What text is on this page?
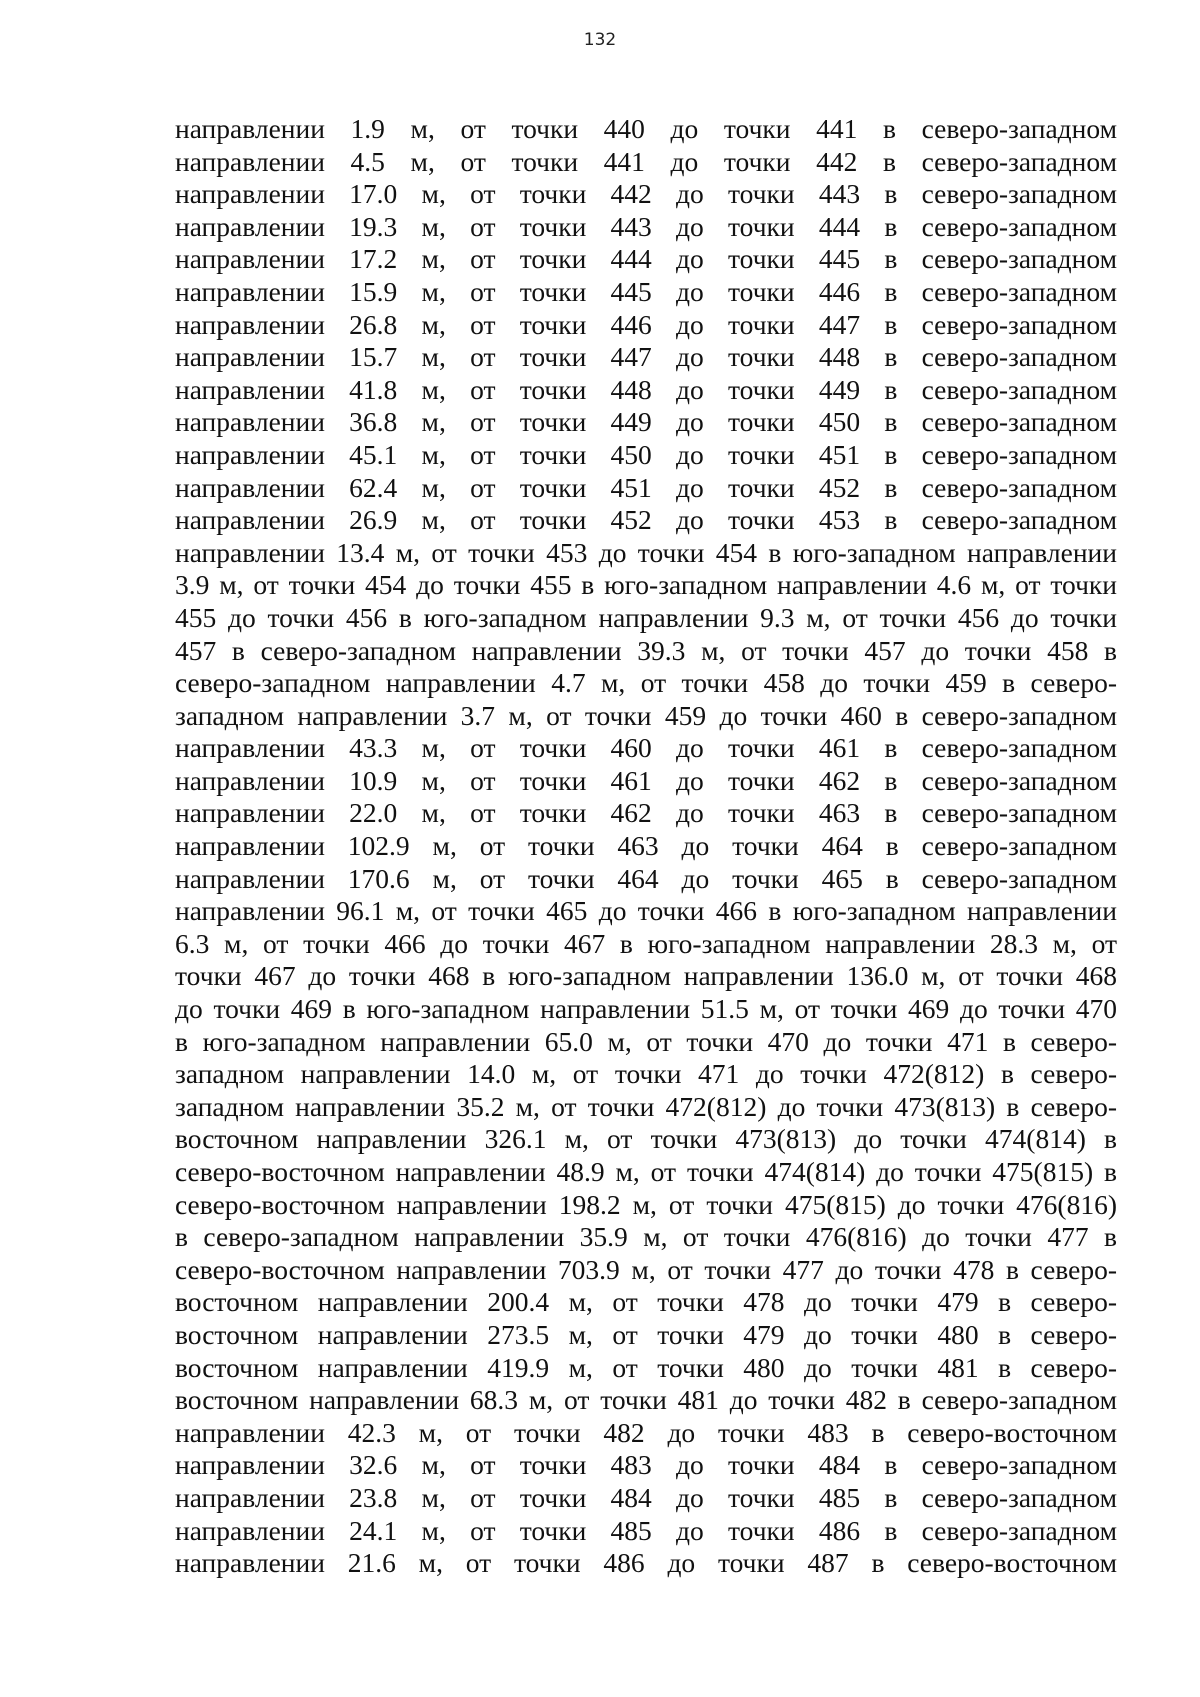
132
направлении 1.9 м, от точки 440 до точки 441 в северо-западном
направлении 4.5 м, от точки 441 до точки 442 в северо-западном
направлении 17.0 м, от точки 442 до точки 443 в северо-западном
направлении 19.3 м, от точки 443 до точки 444 в северо-западном
направлении 17.2 м, от точки 444 до точки 445 в северо-западном
направлении 15.9 м, от точки 445 до точки 446 в северо-западном
направлении 26.8 м, от точки 446 до точки 447 в северо-западном
направлении 15.7 м, от точки 447 до точки 448 в северо-западном
направлении 41.8 м, от точки 448 до точки 449 в северо-западном
направлении 36.8 м, от точки 449 до точки 450 в северо-западном
направлении 45.1 м, от точки 450 до точки 451 в северо-западном
направлении 62.4 м, от точки 451 до точки 452 в северо-западном
направлении 26.9 м, от точки 452 до точки 453 в северо-западном
направлении 13.4 м, от точки 453 до точки 454 в юго-западном направлении
3.9 м, от точки 454 до точки 455 в юго-западном направлении 4.6 м, от точки
455 до точки 456 в юго-западном направлении 9.3 м, от точки 456 до точки
457 в северо-западном направлении 39.3 м, от точки 457 до точки 458 в
северо-западном направлении 4.7 м, от точки 458 до точки 459 в северо-
западном направлении 3.7 м, от точки 459 до точки 460 в северо-западном
направлении 43.3 м, от точки 460 до точки 461 в северо-западном
направлении 10.9 м, от точки 461 до точки 462 в северо-западном
направлении 22.0 м, от точки 462 до точки 463 в северо-западном
направлении 102.9 м, от точки 463 до точки 464 в северо-западном
направлении 170.6 м, от точки 464 до точки 465 в северо-западном
направлении 96.1 м, от точки 465 до точки 466 в юго-западном направлении
6.3 м, от точки 466 до точки 467 в юго-западном направлении 28.3 м, от
точки 467 до точки 468 в юго-западном направлении 136.0 м, от точки 468
до точки 469 в юго-западном направлении 51.5 м, от точки 469 до точки 470
в юго-западном направлении 65.0 м, от точки 470 до точки 471 в северо-
западном направлении 14.0 м, от точки 471 до точки 472(812) в северо-
западном направлении 35.2 м, от точки 472(812) до точки 473(813) в северо-
восточном направлении 326.1 м, от точки 473(813) до точки 474(814) в
северо-восточном направлении 48.9 м, от точки 474(814) до точки 475(815) в
северо-восточном направлении 198.2 м, от точки 475(815) до точки 476(816)
в северо-западном направлении 35.9 м, от точки 476(816) до точки 477 в
северо-восточном направлении 703.9 м, от точки 477 до точки 478 в северо-
восточном направлении 200.4 м, от точки 478 до точки 479 в северо-
восточном направлении 273.5 м, от точки 479 до точки 480 в северо-
восточном направлении 419.9 м, от точки 480 до точки 481 в северо-
восточном направлении 68.3 м, от точки 481 до точки 482 в северо-западном
направлении 42.3 м, от точки 482 до точки 483 в северо-восточном
направлении 32.6 м, от точки 483 до точки 484 в северо-западном
направлении 23.8 м, от точки 484 до точки 485 в северо-западном
направлении 24.1 м, от точки 485 до точки 486 в северо-западном
направлении 21.6 м, от точки 486 до точки 487 в северо-восточном
